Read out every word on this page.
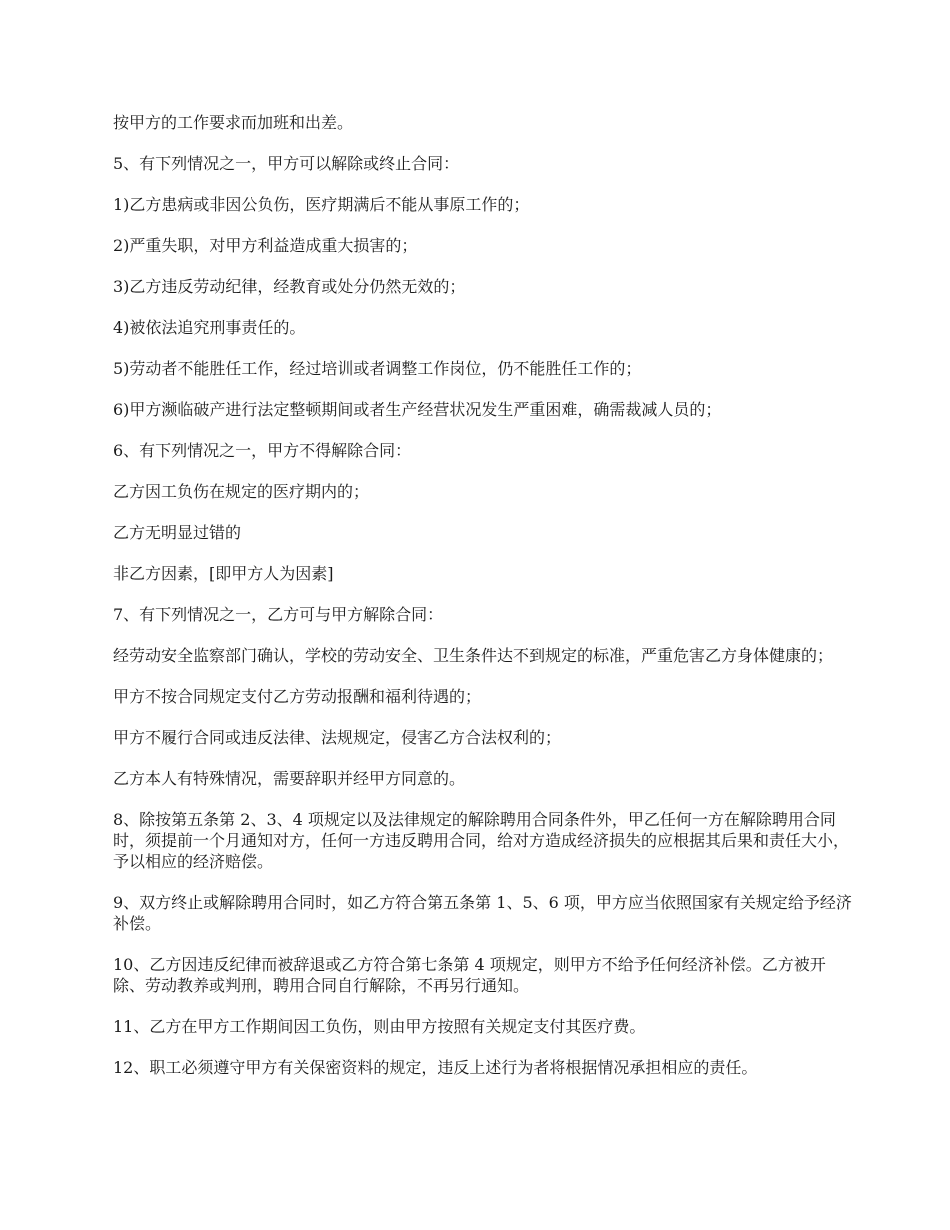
按甲方的工作要求而加班和出差。

5、有下列情况之一，甲方可以解除或终止合同：

1)乙方患病或非因公负伤，医疗期满后不能从事原工作的；

2)严重失职，对甲方利益造成重大损害的；

3)乙方违反劳动纪律，经教育或处分仍然无效的；

4)被依法追究刑事责任的。

5)劳动者不能胜任工作，经过培训或者调整工作岗位，仍不能胜任工作的；

6)甲方濒临破产进行法定整顿期间或者生产经营状况发生严重困难，确需裁减人员的；

6、有下列情况之一，甲方不得解除合同：

乙方因工负伤在规定的医疗期内的；

乙方无明显过错的

非乙方因素，[即甲方人为因素]

7、有下列情况之一，乙方可与甲方解除合同：

经劳动安全监察部门确认，学校的劳动安全、卫生条件达不到规定的标准，严重危害乙方身体健康的；

甲方不按合同规定支付乙方劳动报酬和福利待遇的；

甲方不履行合同或违反法律、法规规定，侵害乙方合法权利的；

乙方本人有特殊情况，需要辞职并经甲方同意的。

8、除按第五条第 2、3、4 项规定以及法律规定的解除聘用合同条件外，甲乙任何一方在解除聘用合同时，须提前一个月通知对方，任何一方违反聘用合同，给对方造成经济损失的应根据其后果和责任大小，予以相应的经济赔偿。

9、双方终止或解除聘用合同时，如乙方符合第五条第 1、5、6 项，甲方应当依照国家有关规定给予经济补偿。

10、乙方因违反纪律而被辞退或乙方符合第七条第 4 项规定，则甲方不给予任何经济补偿。乙方被开除、劳动教养或判刑，聘用合同自行解除，不再另行通知。

11、乙方在甲方工作期间因工负伤，则由甲方按照有关规定支付其医疗费。

12、职工必须遵守甲方有关保密资料的规定，违反上述行为者将根据情况承担相应的责任。
